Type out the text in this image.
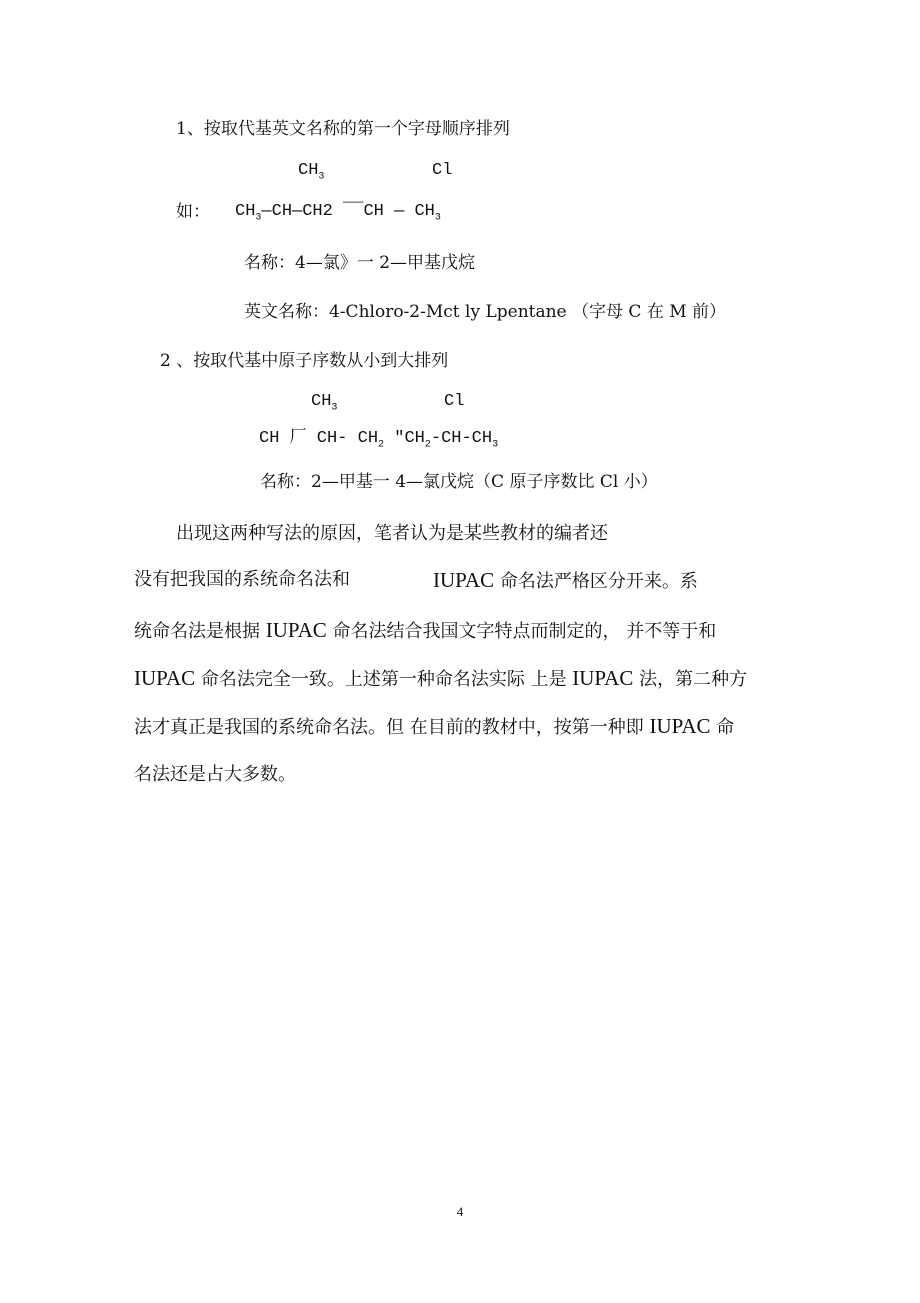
1、按取代基英文名称的第一个字母顺序排列
$CH_3$	Cl
如： $CH_3—CH—CH2$ ¯¯CH — $CH_3$
名称：4—氯》一 2—甲基戊烷
英文名称：4-Chloro-2-Mct ly Lpentane （字母 C 在 M 前）
2 、按取代基中原子序数从小到大排列
$CH_3$	Cl
CH 厂 CH- $CH_2$ $''CH_2-CH-CH_3$
名称：2—甲基一 4—氯戊烷（C 原子序数比 Cl 小）
出现这两种写法的原因，笔者认为是某些教材的编者还
没有把我国的系统命名法和	IUPAC 命名法严格区分开来。系
统命名法是根据 IUPAC 命名法结合我国文字特点而制定的， 并不等于和
IUPAC 命名法完全一致。上述第一种命名法实际 上是 IUPAC 法，第二种方
法才真正是我国的系统命名法。但 在目前的教材中，按第一种即 IUPAC 命
名法还是占大多数。
4
